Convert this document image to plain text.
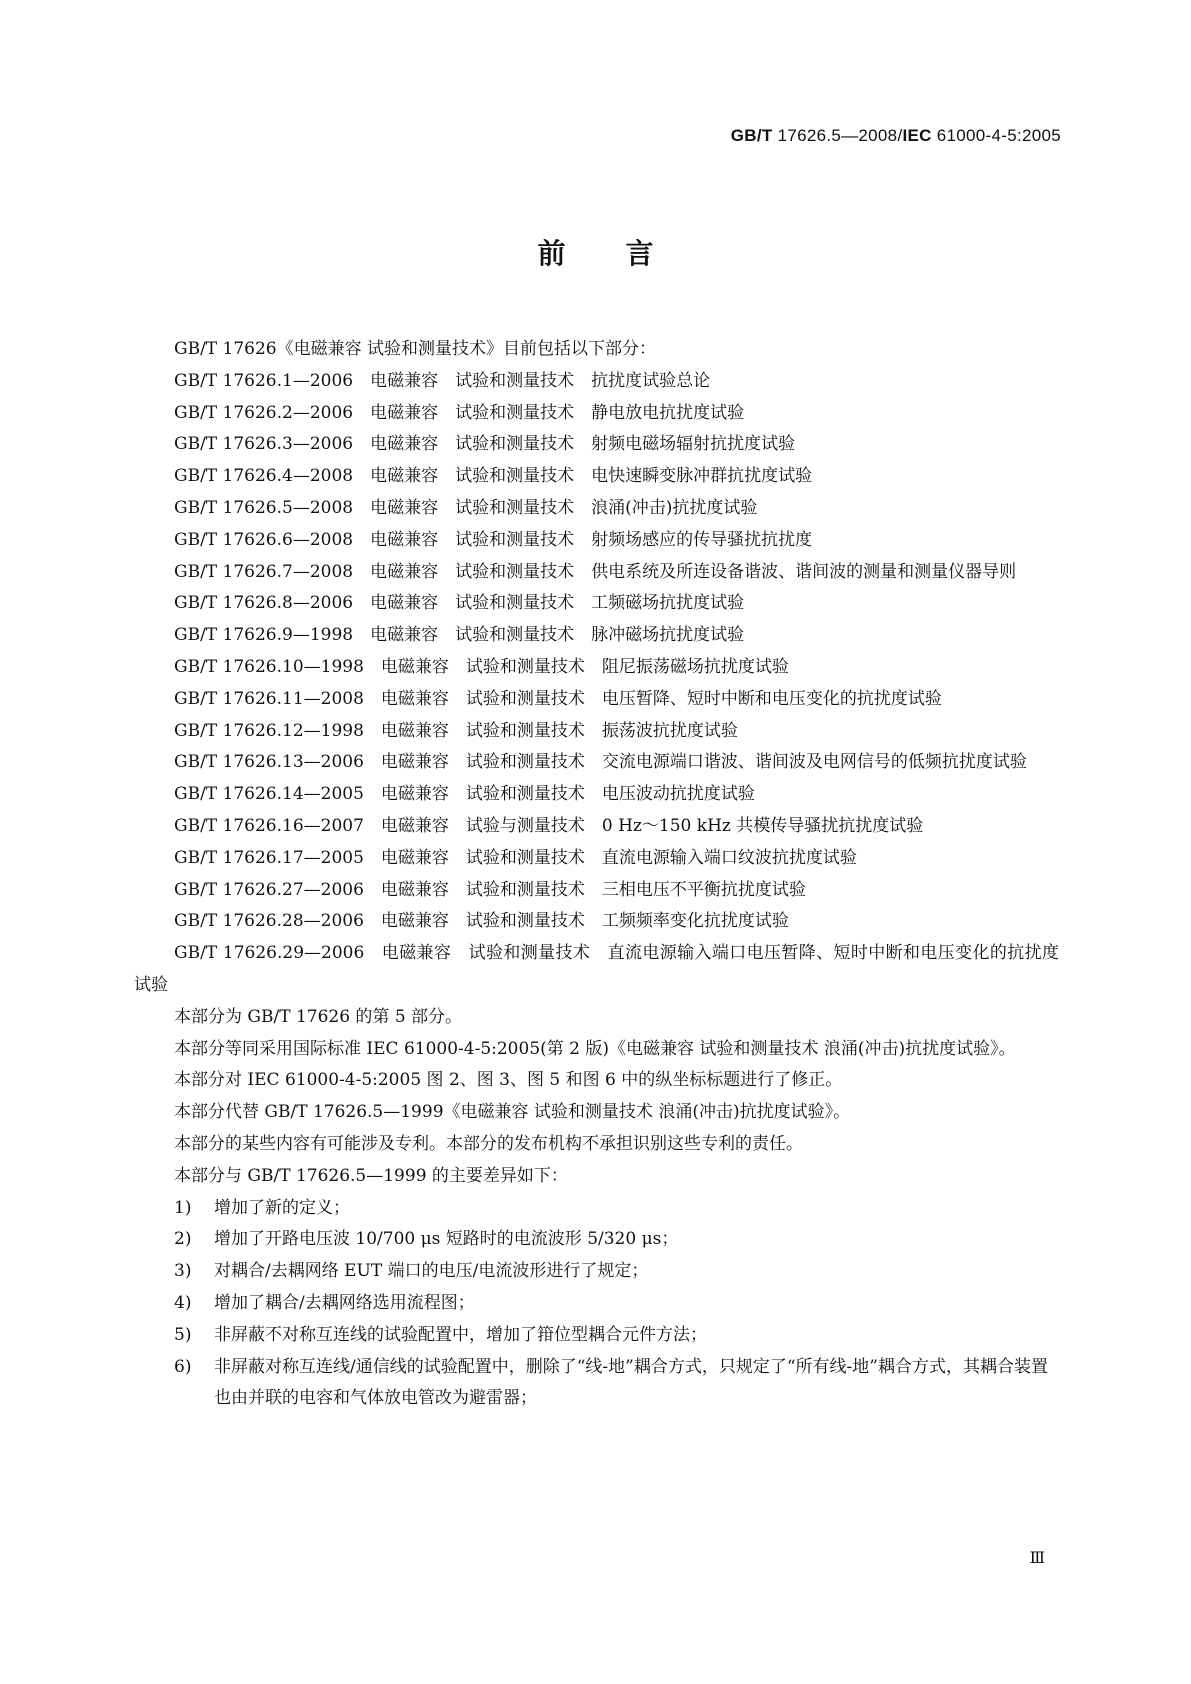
GB/T 17626.5—2008/IEC 61000-4-5:2005
前言

GB/T 17626《电磁兼容 试验和测量技术》目前包括以下部分：

GB/T 17626.1—2006 电磁兼容 试验和测量技术 抗扰度试验总论

GB/T 17626.2—2006 电磁兼容 试验和测量技术 静电放电抗扰度试验

GB/T 17626.3—2006 电磁兼容 试验和测量技术 射频电磁场辐射抗扰度试验

GB/T 17626.4—2008 电磁兼容 试验和测量技术 电快速瞬变脉冲群抗扰度试验

GB/T 17626.5—2008 电磁兼容 试验和测量技术 浪涌(冲击)抗扰度试验

GB/T 17626.6—2008 电磁兼容 试验和测量技术 射频场感应的传导骚扰抗扰度

GB/T 17626.7—2008 电磁兼容 试验和测量技术 供电系统及所连设备谐波、谐间波的测量和测量仪器导则

GB/T 17626.8—2006 电磁兼容 试验和测量技术 工频磁场抗扰度试验

GB/T 17626.9—1998 电磁兼容 试验和测量技术 脉冲磁场抗扰度试验

GB/T 17626.10—1998 电磁兼容 试验和测量技术 阻尼振荡磁场抗扰度试验

GB/T 17626.11—2008 电磁兼容 试验和测量技术 电压暂降、短时中断和电压变化的抗扰度试验

GB/T 17626.12—1998 电磁兼容 试验和测量技术 振荡波抗扰度试验

GB/T 17626.13—2006 电磁兼容 试验和测量技术 交流电源端口谐波、谐间波及电网信号的低频抗扰度试验

GB/T 17626.14—2005 电磁兼容 试验和测量技术 电压波动抗扰度试验

GB/T 17626.16—2007 电磁兼容 试验与测量技术 0 Hz～150 kHz 共模传导骚扰抗扰度试验

GB/T 17626.17—2005 电磁兼容 试验和测量技术 直流电源输入端口纹波抗扰度试验

GB/T 17626.27—2006 电磁兼容 试验和测量技术 三相电压不平衡抗扰度试验

GB/T 17626.28—2006 电磁兼容 试验和测量技术 工频频率变化抗扰度试验

GB/T 17626.29—2006 电磁兼容 试验和测量技术 直流电源输入端口电压暂降、短时中断和电压变化的抗扰度试验

本部分为 GB/T 17626 的第 5 部分。

本部分等同采用国际标准 IEC 61000-4-5:2005(第 2 版)《电磁兼容 试验和测量技术 浪涌(冲击)抗扰度试验》。

本部分对 IEC 61000-4-5:2005 图 2、图 3、图 5 和图 6 中的纵坐标标题进行了修正。

本部分代替 GB/T 17626.5—1999《电磁兼容 试验和测量技术 浪涌(冲击)抗扰度试验》。

本部分的某些内容有可能涉及专利。本部分的发布机构不承担识别这些专利的责任。

本部分与 GB/T 17626.5—1999 的主要差异如下：

1) 增加了新的定义；

2) 增加了开路电压波 10/700 μs 短路时的电流波形 5/320 μs；

3) 对耦合/去耦网络 EUT 端口的电压/电流波形进行了规定；

4) 增加了耦合/去耦网络选用流程图；

5) 非屏蔽不对称互连线的试验配置中，增加了箝位型耦合元件方法；

6) 非屏蔽对称互连线/通信线的试验配置中，删除了“线-地”耦合方式，只规定了“所有线-地”耦合方式，其耦合装置也由并联的电容和气体放电管改为避雷器；

Ⅲ
